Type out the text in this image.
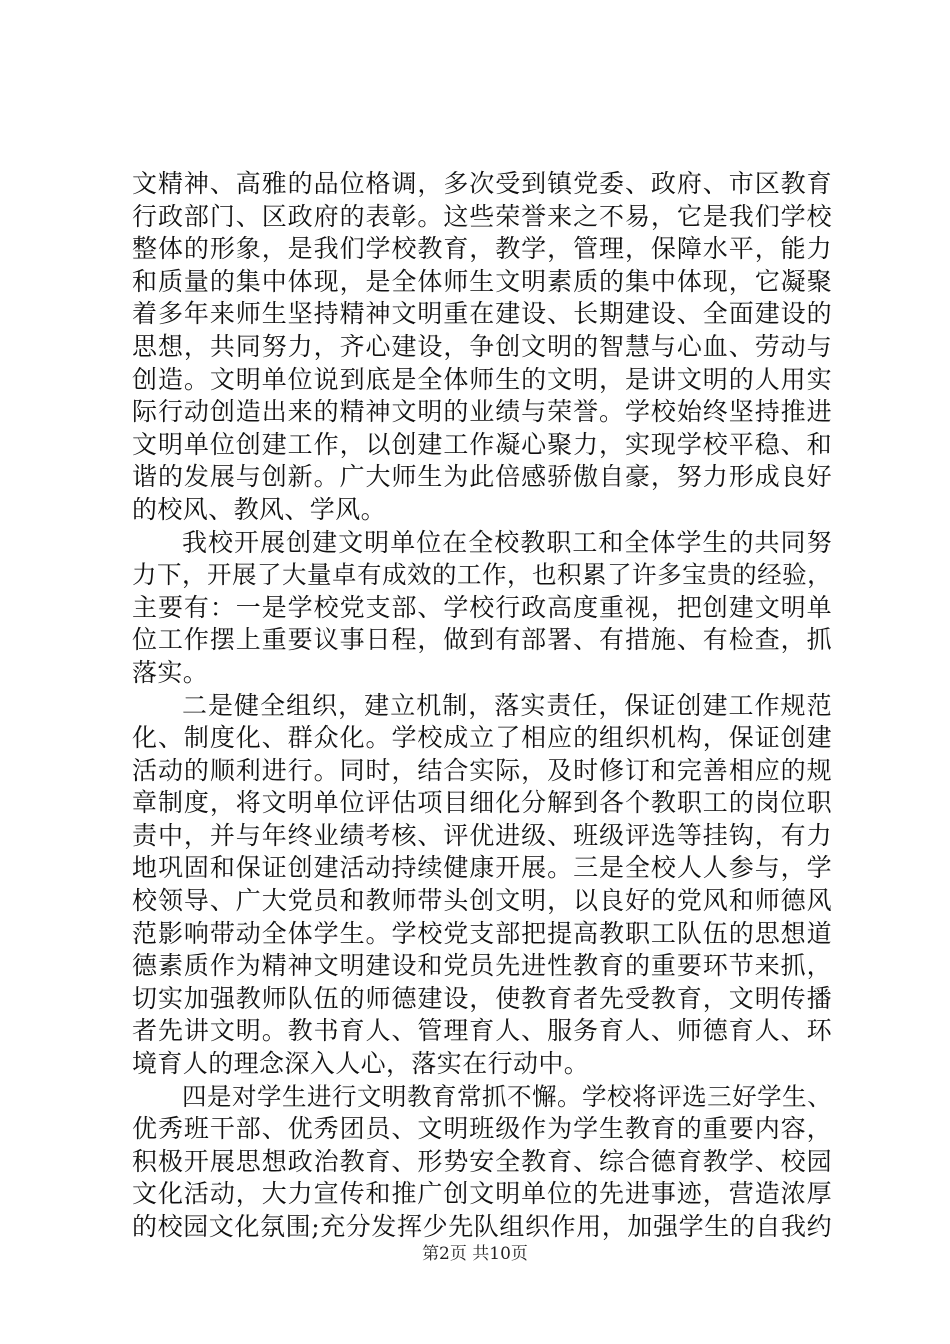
文精神、高雅的品位格调，多次受到镇党委、政府、市区教育
行政部门、区政府的表彰。这些荣誉来之不易，它是我们学校
整体的形象，是我们学校教育，教学，管理，保障水平，能力
和质量的集中体现，是全体师生文明素质的集中体现，它凝聚
着多年来师生坚持精神文明重在建设、长期建设、全面建设的
思想，共同努力，齐心建设，争创文明的智慧与心血、劳动与
创造。文明单位说到底是全体师生的文明，是讲文明的人用实
际行动创造出来的精神文明的业绩与荣誉。学校始终坚持推进
文明单位创建工作，以创建工作凝心聚力，实现学校平稳、和
谐的发展与创新。广大师生为此倍感骄傲自豪，努力形成良好
的校风、教风、学风。
我校开展创建文明单位在全校教职工和全体学生的共同努
力下，开展了大量卓有成效的工作，也积累了许多宝贵的经验，
主要有：一是学校党支部、学校行政高度重视，把创建文明单
位工作摆上重要议事日程，做到有部署、有措施、有检查，抓
落实。
二是健全组织，建立机制，落实责任，保证创建工作规范
化、制度化、群众化。学校成立了相应的组织机构，保证创建
活动的顺利进行。同时，结合实际，及时修订和完善相应的规
章制度，将文明单位评估项目细化分解到各个教职工的岗位职
责中，并与年终业绩考核、评优进级、班级评选等挂钩，有力
地巩固和保证创建活动持续健康开展。三是全校人人参与，学
校领导、广大党员和教师带头创文明，以良好的党风和师德风
范影响带动全体学生。学校党支部把提高教职工队伍的思想道
德素质作为精神文明建设和党员先进性教育的重要环节来抓，
切实加强教师队伍的师德建设，使教育者先受教育，文明传播
者先讲文明。教书育人、管理育人、服务育人、师德育人、环
境育人的理念深入人心，落实在行动中。
四是对学生进行文明教育常抓不懈。学校将评选三好学生、
优秀班干部、优秀团员、文明班级作为学生教育的重要内容，
积极开展思想政治教育、形势安全教育、综合德育教学、校园
文化活动，大力宣传和推广创文明单位的先进事迹，营造浓厚
的校园文化氛围;充分发挥少先队组织作用，加强学生的自我约
第2页 共10页
